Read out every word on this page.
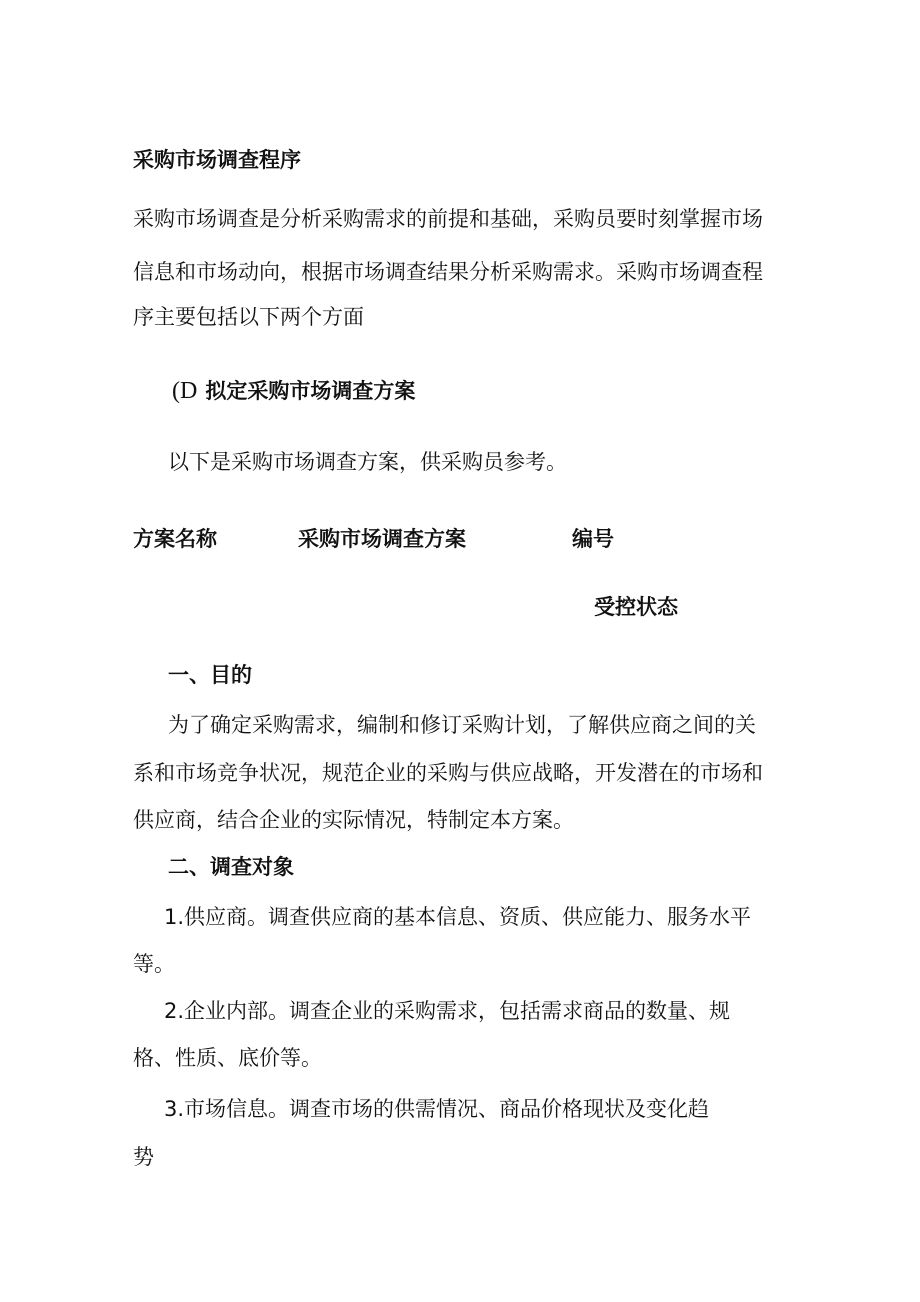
采购市场调查程序
采购市场调查是分析采购需求的前提和基础，采购员要时刻掌握市场
信息和市场动向，根据市场调查结果分析采购需求。采购市场调查程
序主要包括以下两个方面
(D 拟定采购市场调查方案
以下是采购市场调查方案，供采购员参考。
方案名称	采购市场调查方案	编号
受控状态
一、目的
为了确定采购需求，编制和修订采购计划，了解供应商之间的关
系和市场竞争状况，规范企业的采购与供应战略，开发潜在的市场和
供应商，结合企业的实际情况，特制定本方案。
二、调查对象
1.供应商。调查供应商的基本信息、资质、供应能力、服务水平
等。
2.企业内部。调查企业的采购需求，包括需求商品的数量、规
格、性质、底价等。
3.市场信息。调查市场的供需情况、商品价格现状及变化趋
势
